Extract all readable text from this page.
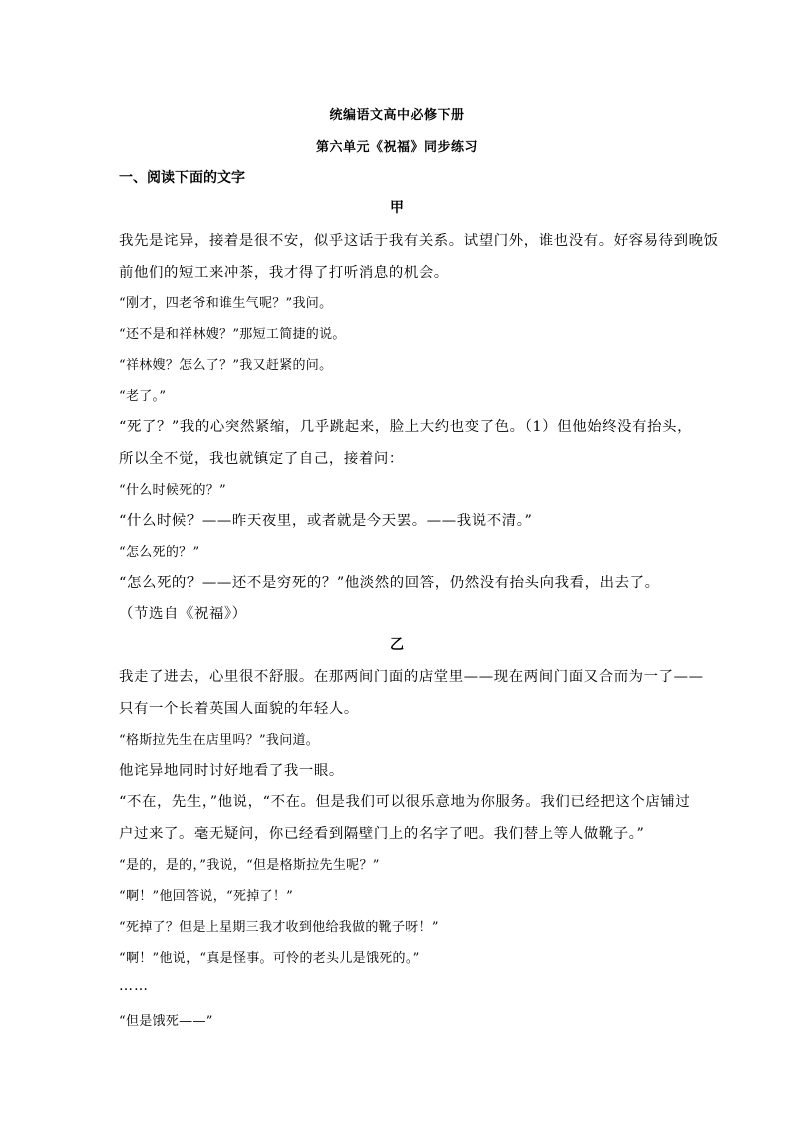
统编语文高中必修下册
第六单元《祝福》同步练习
一、阅读下面的文字
甲
我先是诧异，接着是很不安，似乎这话于我有关系。试望门外，谁也没有。好容易待到晚饭
前他们的短工来冲茶，我才得了打听消息的机会。
“刚才，四老爷和谁生气呢？”我问。
“还不是和祥林嫂？”那短工简捷的说。
“祥林嫂？怎么了？”我又赶紧的问。
“老了。”
“死了？”我的心突然紧缩，几乎跳起来，脸上大约也变了色。（1）但他始终没有抬头，
所以全不觉，我也就镇定了自己，接着问：
“什么时候死的？”
“什么时候？——昨天夜里，或者就是今天罢。——我说不清。”
“怎么死的？”
“怎么死的？——还不是穷死的？”他淡然的回答，仍然没有抬头向我看，出去了。
（节选自《祝福》）
乙
我走了进去，心里很不舒服。在那两间门面的店堂里——现在两间门面又合而为一了——
只有一个长着英国人面貌的年轻人。
“格斯拉先生在店里吗？”我问道。
他诧异地同时讨好地看了我一眼。
“不在，先生，”他说，“不在。但是我们可以很乐意地为你服务。我们已经把这个店铺过
户过来了。毫无疑问，你已经看到隔壁门上的名字了吧。我们替上等人做靴子。”
“是的，是的，”我说，“但是格斯拉先生呢？”
“啊！”他回答说，“死掉了！”
“死掉了？但是上星期三我才收到他给我做的靴子呀！”
“啊！”他说，“真是怪事。可怜的老头儿是饿死的。”
……
“但是饿死——”
